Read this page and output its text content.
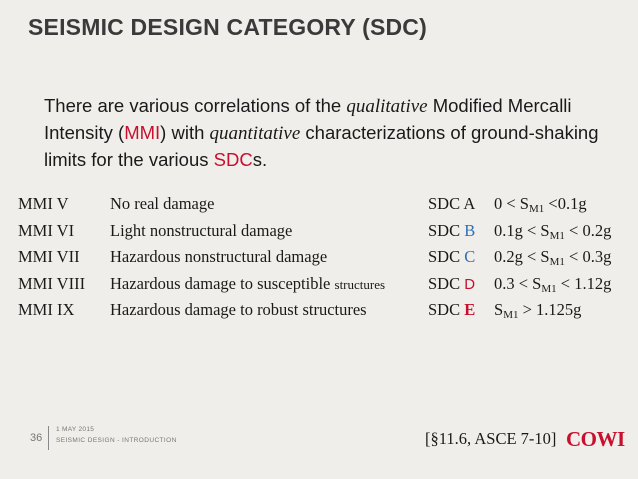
SEISMIC DESIGN CATEGORY (SDC)
There are various correlations of the qualitative Modified Mercalli Intensity (MMI) with quantitative characterizations of ground-shaking limits for the various SDCs.
MMI V	No real damage	SDC A	$0 < S_{M1} <0.1g$
MMI VI	Light nonstructural damage	SDC B	$0.1g < S_{M1} < 0.2g$
MMI VII	Hazardous nonstructural damage	SDC C	$0.2g < S_{M1} < 0.3g$
MMI VIII	Hazardous damage to susceptible structures	SDC D	$0.3 < S_{M1} < 1.12g$
MMI IX	Hazardous damage to robust structures	SDC E	$S_{M1} > 1.125g$
36
1 MAY 2015
SEISMIC DESIGN - INTRODUCTION	[§11.6, ASCE 7-10] COWI
